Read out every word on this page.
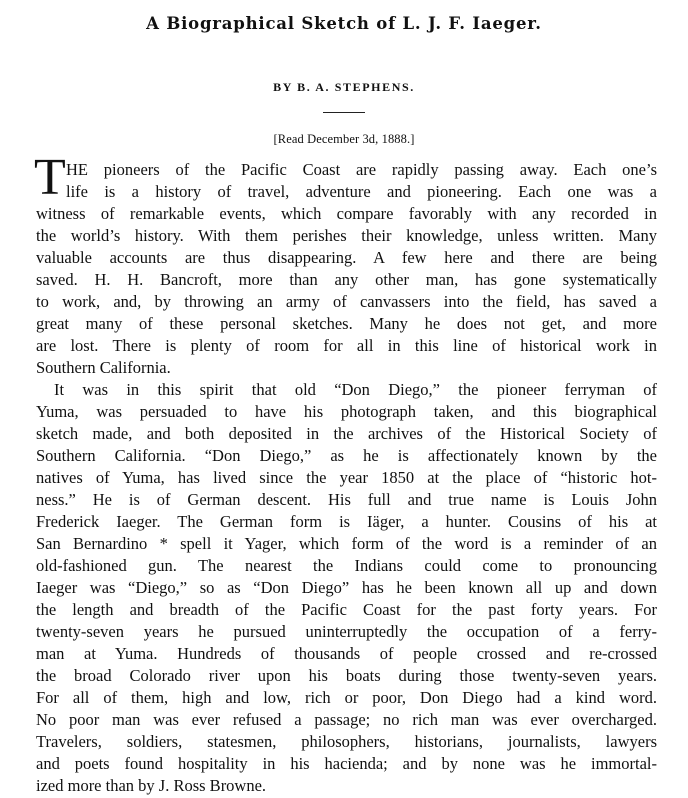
A Biographical Sketch of L. J. F. Iaeger.
BY B. A. STEPHENS.
[Read December 3d, 1888.]
T HE pioneers of the Pacific Coast are rapidly passing away. Each one’s
life is a history of travel, adventure and pioneering. Each one was a
witness of remarkable events, which compare favorably with any recorded in
the world’s history. With them perishes their knowledge, unless written. Many
valuable accounts are thus disappearing. A few here and there are being
saved. H. H. Bancroft, more than any other man, has gone systematically
to work, and, by throwing an army of canvassers into the field, has saved a
great many of these personal sketches. Many he does not get, and more
are lost. There is plenty of room for all in this line of historical work in
Southern California.
It was in this spirit that old “Don Diego,” the pioneer ferryman of
Yuma, was persuaded to have his photograph taken, and this biographical
sketch made, and both deposited in the archives of the Historical Society of
Southern California. “Don Diego,” as he is affectionately known by the
natives of Yuma, has lived since the year 1850 at the place of “historic hot-
ness.” He is of German descent. His full and true name is Louis John
Frederick Iaeger. The German form is Iäger, a hunter. Cousins of his at
San Bernardino * spell it Yager, which form of the word is a reminder of an
old-fashioned gun. The nearest the Indians could come to pronouncing
Iaeger was “Diego,” so as “Don Diego” has he been known all up and down
the length and breadth of the Pacific Coast for the past forty years. For
twenty-seven years he pursued uninterruptedly the occupation of a ferry-
man at Yuma. Hundreds of thousands of people crossed and re-crossed
the broad Colorado river upon his boats during those twenty-seven years.
For all of them, high and low, rich or poor, Don Diego had a kind word.
No poor man was ever refused a passage; no rich man was ever overcharged.
Travelers, soldiers, statesmen, philosophers, historians, journalists, lawyers
and poets found hospitality in his hacienda; and by none was he immortal-
ized more than by J. Ross Browne.
